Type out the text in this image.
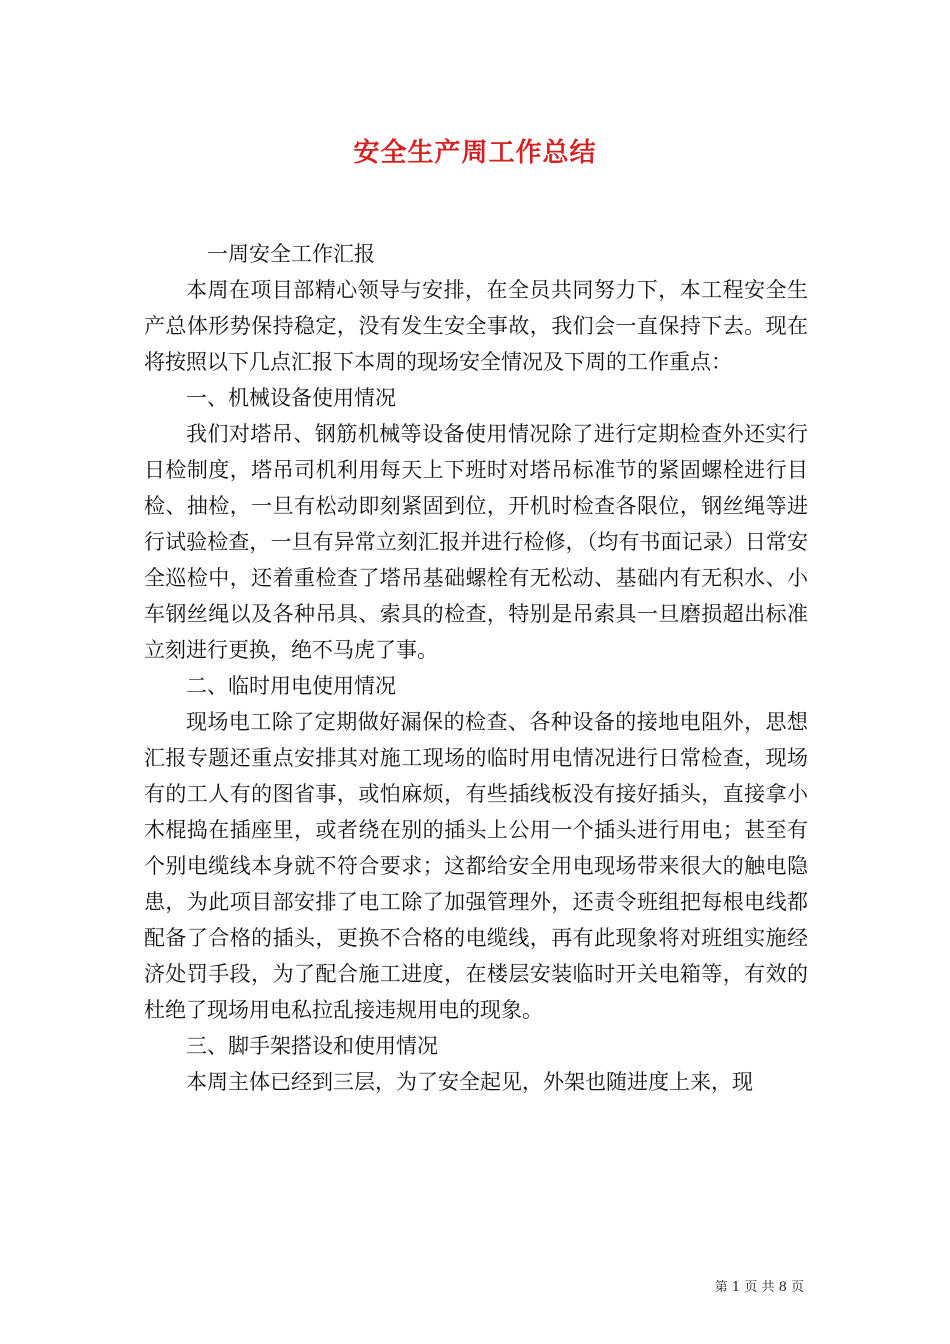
安全生产周工作总结

一周安全工作汇报

本周在项目部精心领导与安排，在全员共同努力下，本工程安全生产总体形势保持稳定，没有发生安全事故，我们会一直保持下去。现在将按照以下几点汇报下本周的现场安全情况及下周的工作重点：

一、机械设备使用情况

我们对塔吊、钢筋机械等设备使用情况除了进行定期检查外还实行日检制度，塔吊司机利用每天上下班时对塔吊标准节的紧固螺栓进行目检、抽检，一旦有松动即刻紧固到位，开机时检查各限位，钢丝绳等进行试验检查，一旦有异常立刻汇报并进行检修，（均有书面记录）日常安全巡检中，还着重检查了塔吊基础螺栓有无松动、基础内有无积水、小车钢丝绳以及各种吊具、索具的检查，特别是吊索具一旦磨损超出标准立刻进行更换，绝不马虎了事。

二、临时用电使用情况

现场电工除了定期做好漏保的检查、各种设备的接地电阻外，思想汇报专题还重点安排其对施工现场的临时用电情况进行日常检查，现场有的工人有的图省事，或怕麻烦，有些插线板没有接好插头，直接拿小木棍捣在插座里，或者绕在别的插头上公用一个插头进行用电；甚至有个别电缆线本身就不符合要求；这都给安全用电现场带来很大的触电隐患，为此项目部安排了电工除了加强管理外，还责令班组把每根电线都配备了合格的插头，更换不合格的电缆线，再有此现象将对班组实施经济处罚手段，为了配合施工进度，在楼层安装临时开关电箱等，有效的杜绝了现场用电私拉乱接违规用电的现象。

三、脚手架搭设和使用情况

本周主体已经到三层，为了安全起见，外架也随进度上来，现

第 1 页 共 8 页
